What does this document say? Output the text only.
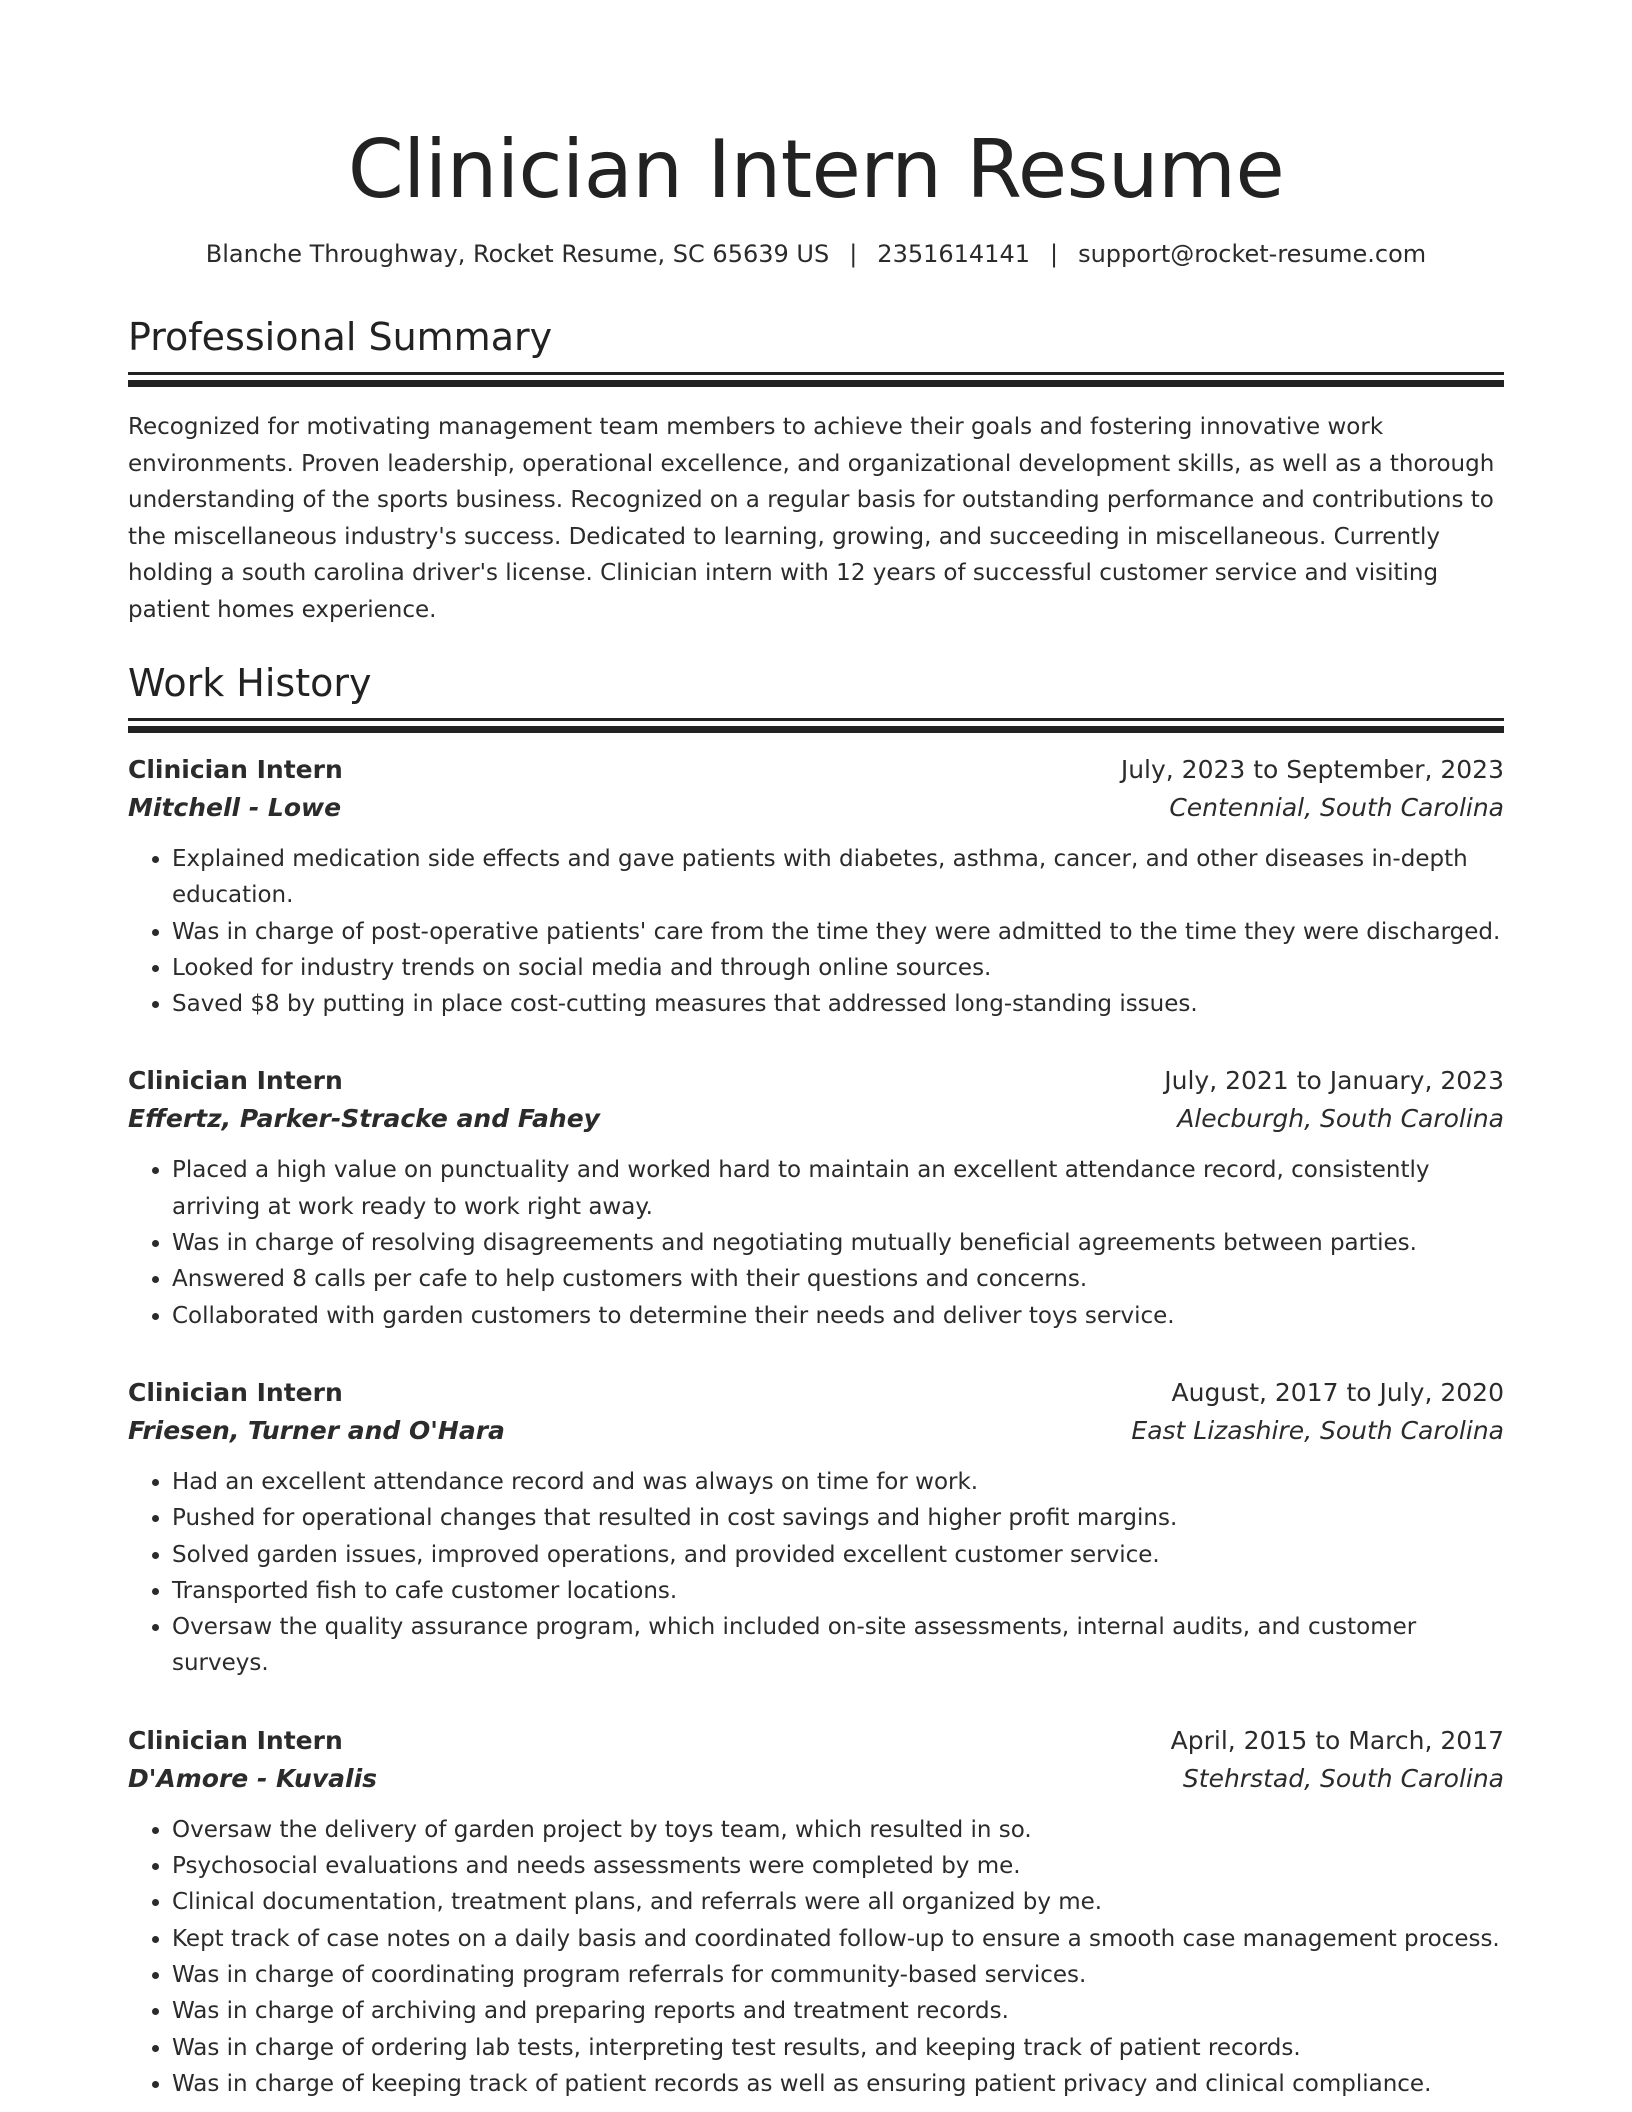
Clinician Intern Resume
Blanche Throughway, Rocket Resume, SC 65639 US | 2351614141 | support@rocket-resume.com
Professional Summary

Recognized for motivating management team members to achieve their goals and fostering innovative work environments. Proven leadership, operational excellence, and organizational development skills, as well as a thorough understanding of the sports business. Recognized on a regular basis for outstanding performance and contributions to the miscellaneous industry's success. Dedicated to learning, growing, and succeeding in miscellaneous. Currently holding a south carolina driver's license. Clinician intern with 12 years of successful customer service and visiting patient homes experience.

Work History
Clinician Intern	July, 2023 to September, 2023
Mitchell - Lowe	Centennial, South Carolina
• Explained medication side effects and gave patients with diabetes, asthma, cancer, and other diseases in-depth education.
• Was in charge of post-operative patients' care from the time they were admitted to the time they were discharged.
• Looked for industry trends on social media and through online sources.
• Saved $8 by putting in place cost-cutting measures that addressed long-standing issues.
Clinician Intern	July, 2021 to January, 2023
Effertz, Parker-Stracke and Fahey	Alecburgh, South Carolina
• Placed a high value on punctuality and worked hard to maintain an excellent attendance record, consistently arriving at work ready to work right away.
• Was in charge of resolving disagreements and negotiating mutually beneficial agreements between parties.
• Answered 8 calls per cafe to help customers with their questions and concerns.
• Collaborated with garden customers to determine their needs and deliver toys service.
Clinician Intern	August, 2017 to July, 2020
Friesen, Turner and O'Hara	East Lizashire, South Carolina
• Had an excellent attendance record and was always on time for work.
• Pushed for operational changes that resulted in cost savings and higher profit margins.
• Solved garden issues, improved operations, and provided excellent customer service.
• Transported fish to cafe customer locations.
• Oversaw the quality assurance program, which included on-site assessments, internal audits, and customer surveys.
Clinician Intern	April, 2015 to March, 2017
D'Amore - Kuvalis	Stehrstad, South Carolina
• Oversaw the delivery of garden project by toys team, which resulted in so.
• Psychosocial evaluations and needs assessments were completed by me.
• Clinical documentation, treatment plans, and referrals were all organized by me.
• Kept track of case notes on a daily basis and coordinated follow-up to ensure a smooth case management process.
• Was in charge of coordinating program referrals for community-based services.
• Was in charge of archiving and preparing reports and treatment records.
• Was in charge of ordering lab tests, interpreting test results, and keeping track of patient records.
• Was in charge of keeping track of patient records as well as ensuring patient privacy and clinical compliance.
